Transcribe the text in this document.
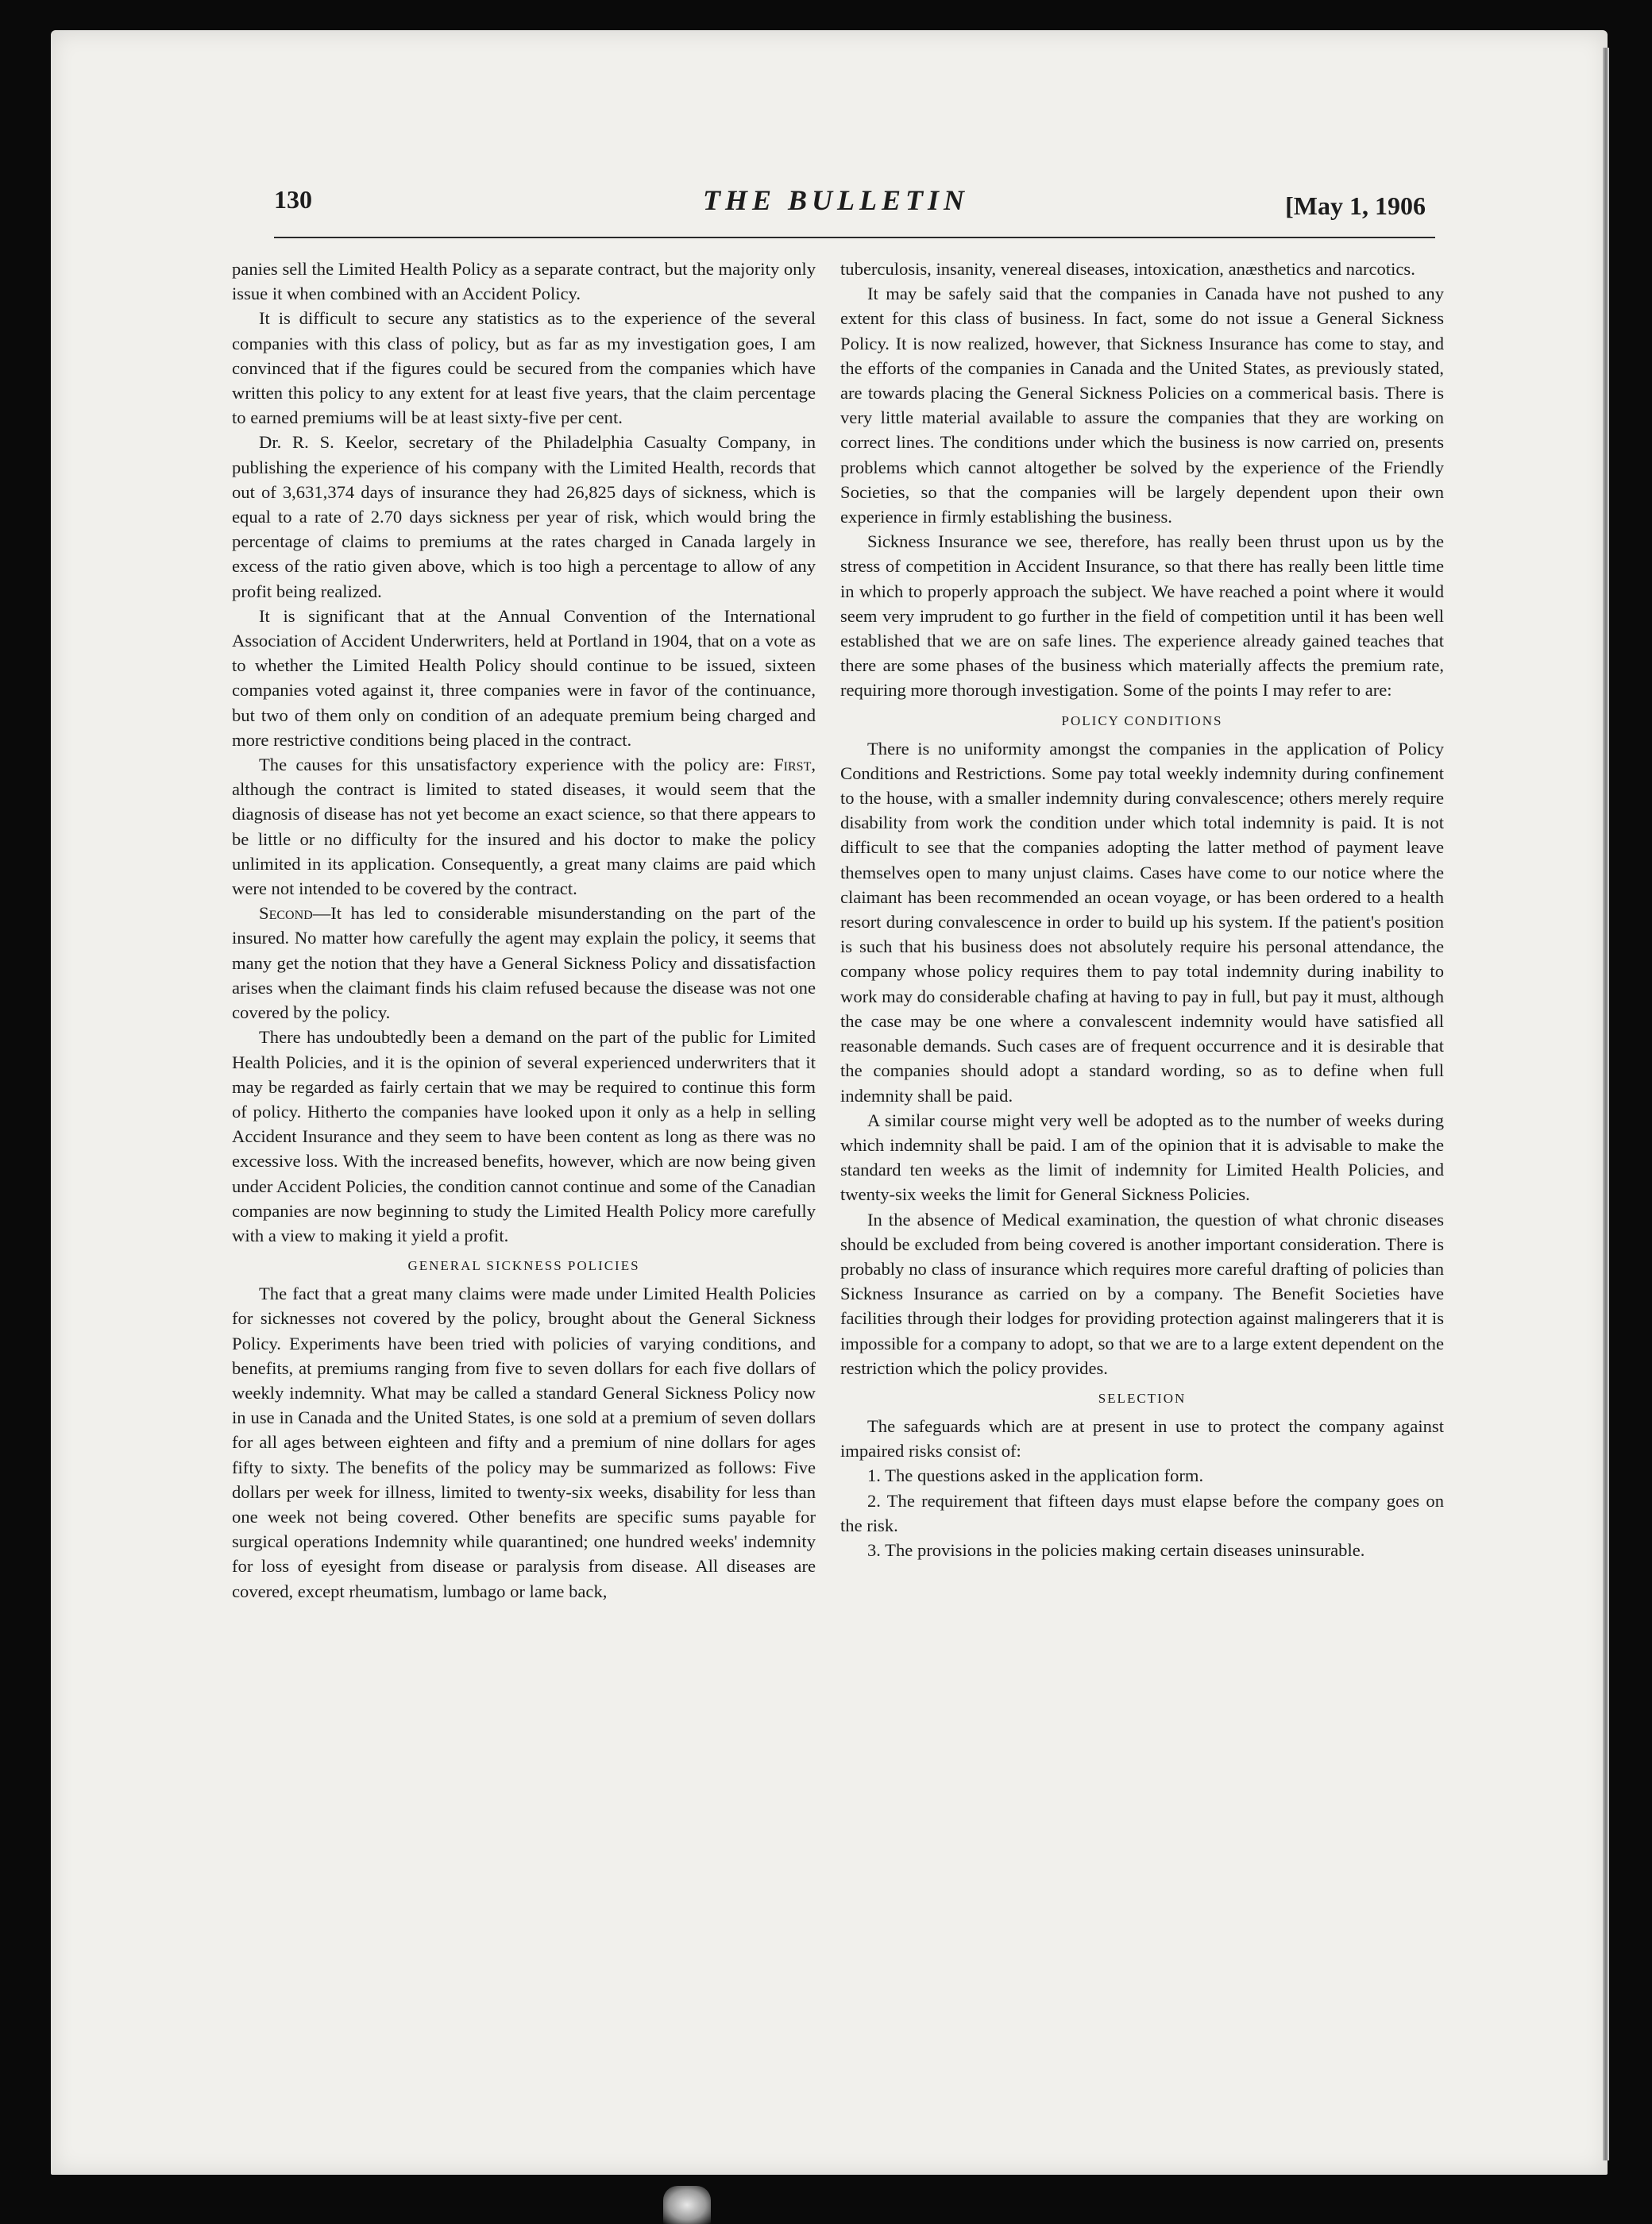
130	THE BULLETIN	[May 1, 1906

panies sell the Limited Health Policy as a separate contract, but the majority only issue it when combined with an Accident Policy.

It is difficult to secure any statistics as to the experience of the several companies with this class of policy, but as far as my investigation goes, I am convinced that if the figures could be secured from the companies which have written this policy to any extent for at least five years, that the claim percentage to earned premiums will be at least sixty-five per cent.

Dr. R. S. Keelor, secretary of the Philadelphia Casualty Company, in publishing the experience of his company with the Limited Health, records that out of 3,631,374 days of insurance they had 26,825 days of sickness, which is equal to a rate of 2.70 days sickness per year of risk, which would bring the percentage of claims to premiums at the rates charged in Canada largely in excess of the ratio given above, which is too high a percentage to allow of any profit being realized.

It is significant that at the Annual Convention of the International Association of Accident Underwriters, held at Portland in 1904, that on a vote as to whether the Limited Health Policy should continue to be issued, sixteen companies voted against it, three companies were in favor of the continuance, but two of them only on condition of an adequate premium being charged and more restrictive conditions being placed in the contract.

The causes for this unsatisfactory experience with the policy are: First, although the contract is limited to stated diseases, it would seem that the diagnosis of disease has not yet become an exact science, so that there appears to be little or no difficulty for the insured and his doctor to make the policy unlimited in its application. Consequently, a great many claims are paid which were not intended to be covered by the contract.

Second—It has led to considerable misunderstanding on the part of the insured. No matter how carefully the agent may explain the policy, it seems that many get the notion that they have a General Sickness Policy and dissatisfaction arises when the claimant finds his claim refused because the disease was not one covered by the policy.

There has undoubtedly been a demand on the part of the public for Limited Health Policies, and it is the opinion of several experienced underwriters that it may be regarded as fairly certain that we may be required to continue this form of policy. Hitherto the companies have looked upon it only as a help in selling Accident Insurance and they seem to have been content as long as there was no excessive loss. With the increased benefits, however, which are now being given under Accident Policies, the condition cannot continue and some of the Canadian companies are now beginning to study the Limited Health Policy more carefully with a view to making it yield a profit.

GENERAL SICKNESS POLICIES

The fact that a great many claims were made under Limited Health Policies for sicknesses not covered by the policy, brought about the General Sickness Policy. Experiments have been tried with policies of varying conditions, and benefits, at premiums ranging from five to seven dollars for each five dollars of weekly indemnity. What may be called a standard General Sickness Policy now in use in Canada and the United States, is one sold at a premium of seven dollars for all ages between eighteen and fifty and a premium of nine dollars for ages fifty to sixty. The benefits of the policy may be summarized as follows: Five dollars per week for illness, limited to twenty-six weeks, disability for less than one week not being covered. Other benefits are specific sums payable for surgical operations Indemnity while quarantined; one hundred weeks' indemnity for loss of eyesight from disease or paralysis from disease. All diseases are covered, except rheumatism, lumbago or lame back,

tuberculosis, insanity, venereal diseases, intoxication, anæsthetics and narcotics.

It may be safely said that the companies in Canada have not pushed to any extent for this class of business. In fact, some do not issue a General Sickness Policy. It is now realized, however, that Sickness Insurance has come to stay, and the efforts of the companies in Canada and the United States, as previously stated, are towards placing the General Sickness Policies on a commerical basis. There is very little material available to assure the companies that they are working on correct lines. The conditions under which the business is now carried on, presents problems which cannot altogether be solved by the experience of the Friendly Societies, so that the companies will be largely dependent upon their own experience in firmly establishing the business.

Sickness Insurance we see, therefore, has really been thrust upon us by the stress of competition in Accident Insurance, so that there has really been little time in which to properly approach the subject. We have reached a point where it would seem very imprudent to go further in the field of competition until it has been well established that we are on safe lines. The experience already gained teaches that there are some phases of the business which materially affects the premium rate, requiring more thorough investigation. Some of the points I may refer to are:

POLICY CONDITIONS

There is no uniformity amongst the companies in the application of Policy Conditions and Restrictions. Some pay total weekly indemnity during confinement to the house, with a smaller indemnity during convalescence; others merely require disability from work the condition under which total indemnity is paid. It is not difficult to see that the companies adopting the latter method of payment leave themselves open to many unjust claims. Cases have come to our notice where the claimant has been recommended an ocean voyage, or has been ordered to a health resort during convalescence in order to build up his system. If the patient's position is such that his business does not absolutely require his personal attendance, the company whose policy requires them to pay total indemnity during inability to work may do considerable chafing at having to pay in full, but pay it must, although the case may be one where a convalescent indemnity would have satisfied all reasonable demands. Such cases are of frequent occurrence and it is desirable that the companies should adopt a standard wording, so as to define when full indemnity shall be paid.

A similar course might very well be adopted as to the number of weeks during which indemnity shall be paid. I am of the opinion that it is advisable to make the standard ten weeks as the limit of indemnity for Limited Health Policies, and twenty-six weeks the limit for General Sickness Policies.

In the absence of Medical examination, the question of what chronic diseases should be excluded from being covered is another important consideration. There is probably no class of insurance which requires more careful drafting of policies than Sickness Insurance as carried on by a company. The Benefit Societies have facilities through their lodges for providing protection against malingerers that it is impossible for a company to adopt, so that we are to a large extent dependent on the restriction which the policy provides.

SELECTION

The safeguards which are at present in use to protect the company against impaired risks consist of:

1. The questions asked in the application form.

2. The requirement that fifteen days must elapse before the company goes on the risk.

3. The provisions in the policies making certain diseases uninsurable.
